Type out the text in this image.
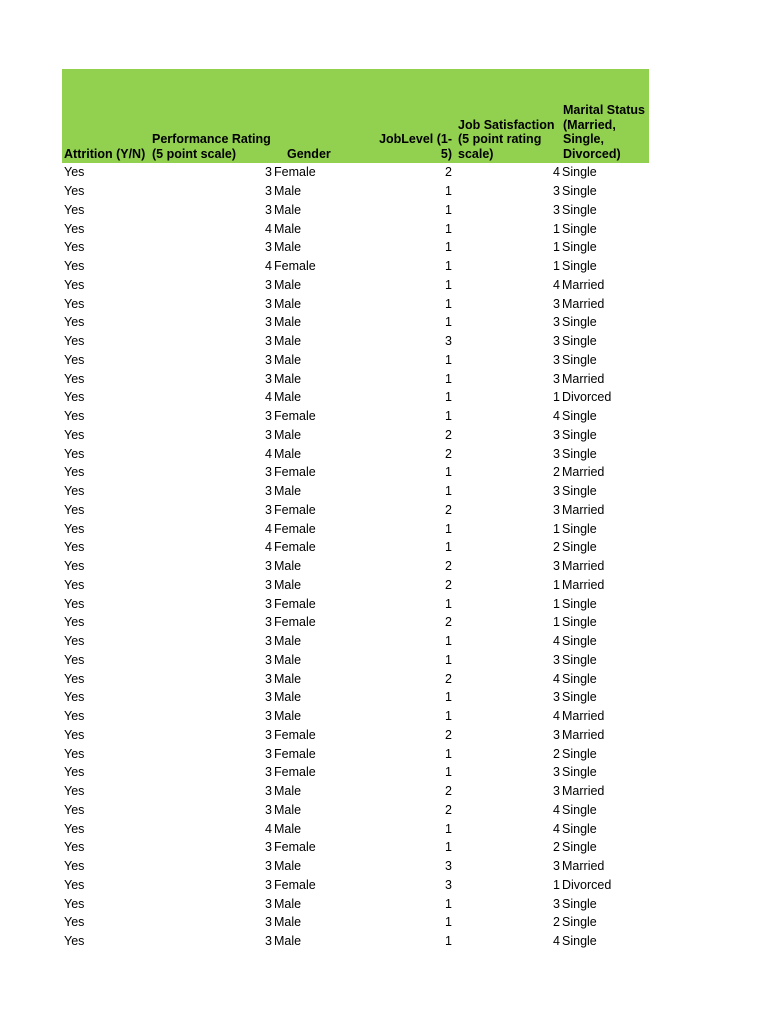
Attrition (Y/N)	Performance Rating (5 point scale)	Gender	JobLevel (1-5)	Job Satisfaction (5 point rating scale)	Marital Status (Married, Single, Divorced)
Yes	3	Female	2	4	Single
Yes	3	Male	1	3	Single
Yes	3	Male	1	3	Single
Yes	4	Male	1	1	Single
Yes	3	Male	1	1	Single
Yes	4	Female	1	1	Single
Yes	3	Male	1	4	Married
Yes	3	Male	1	3	Married
Yes	3	Male	1	3	Single
Yes	3	Male	3	3	Single
Yes	3	Male	1	3	Single
Yes	3	Male	1	3	Married
Yes	4	Male	1	1	Divorced
Yes	3	Female	1	4	Single
Yes	3	Male	2	3	Single
Yes	4	Male	2	3	Single
Yes	3	Female	1	2	Married
Yes	3	Male	1	3	Single
Yes	3	Female	2	3	Married
Yes	4	Female	1	1	Single
Yes	4	Female	1	2	Single
Yes	3	Male	2	3	Married
Yes	3	Male	2	1	Married
Yes	3	Female	1	1	Single
Yes	3	Female	2	1	Single
Yes	3	Male	1	4	Single
Yes	3	Male	1	3	Single
Yes	3	Male	2	4	Single
Yes	3	Male	1	3	Single
Yes	3	Male	1	4	Married
Yes	3	Female	2	3	Married
Yes	3	Female	1	2	Single
Yes	3	Female	1	3	Single
Yes	3	Male	2	3	Married
Yes	3	Male	2	4	Single
Yes	4	Male	1	4	Single
Yes	3	Female	1	2	Single
Yes	3	Male	3	3	Married
Yes	3	Female	3	1	Divorced
Yes	3	Male	1	3	Single
Yes	3	Male	1	2	Single
Yes	3	Male	1	4	Single
